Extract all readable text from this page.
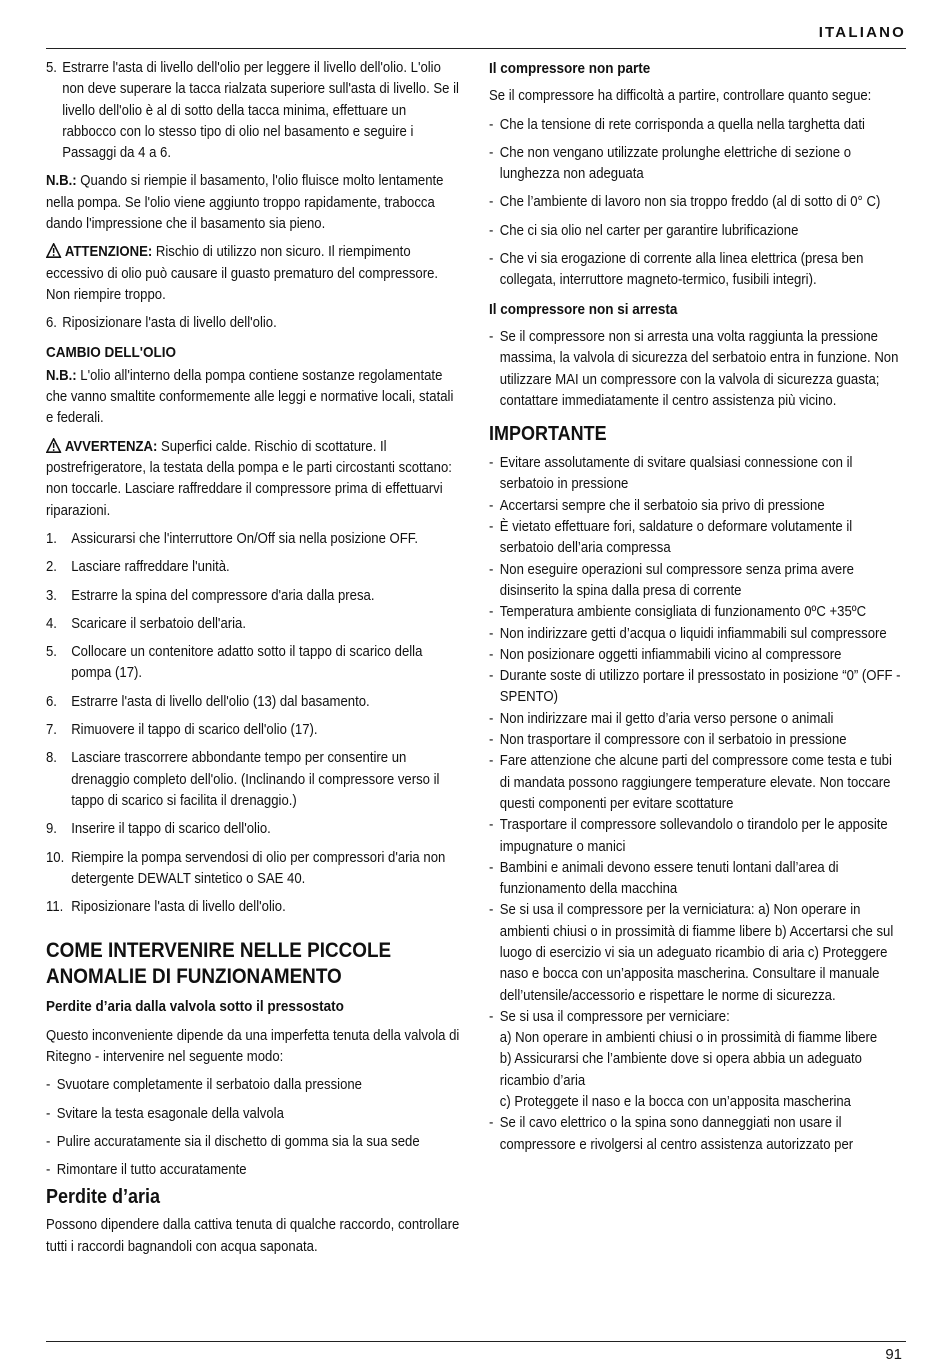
ITALIANO
5. Estrarre l'asta di livello dell'olio per leggere il livello dell'olio. L'olio non deve superare la tacca rialzata superiore sull'asta di livello. Se il livello dell'olio è al di sotto della tacca minima, effettuare un rabbocco con lo stesso tipo di olio nel basamento e seguire i Passaggi da 4 a 6.

N.B.: Quando si riempie il basamento, l'olio fluisce molto lentamente nella pompa. Se l'olio viene aggiunto troppo rapidamente, trabocca dando l'impressione che il basamento sia pieno.

ATTENZIONE: Rischio di utilizzo non sicuro. Il riempimento eccessivo di olio può causare il guasto prematuro del compressore. Non riempire troppo.

6. Riposizionare l'asta di livello dell'olio.

CAMBIO DELL'OLIO

N.B.: L'olio all'interno della pompa contiene sostanze regolamentate che vanno smaltite conformemente alle leggi e normative locali, statali e federali.

AVVERTENZA: Superfici calde. Rischio di scottature. Il postrefrigeratore, la testata della pompa e le parti circostanti scottano: non toccarle. Lasciare raffreddare il compressore prima di effettuarvi riparazioni.

1. Assicurarsi che l'interruttore On/Off sia nella posizione OFF.
2. Lasciare raffreddare l'unità.
3. Estrarre la spina del compressore d'aria dalla presa.
4. Scaricare il serbatoio dell'aria.
5. Collocare un contenitore adatto sotto il tappo di scarico della pompa (17).
6. Estrarre l'asta di livello dell'olio (13) dal basamento.
7. Rimuovere il tappo di scarico dell'olio (17).
8. Lasciare trascorrere abbondante tempo per consentire un drenaggio completo dell'olio. (Inclinando il compressore verso il tappo di scarico si facilita il drenaggio.)
9. Inserire il tappo di scarico dell'olio.
10. Riempire la pompa servendosi di olio per compressori d'aria non detergente DEWALT sintetico o SAE 40.
11. Riposizionare l'asta di livello dell'olio.

COME INTERVENIRE NELLE PICCOLE ANOMALIE DI FUNZIONAMENTO

Perdite d’aria dalla valvola sotto il pressostato

Questo inconveniente dipende da una imperfetta tenuta della valvola di Ritegno - intervenire nel seguente modo:

- Svuotare completamente il serbatoio dalla pressione
- Svitare la testa esagonale della valvola
- Pulire accuratamente sia il dischetto di gomma sia la sua sede
- Rimontare il tutto accuratamente

Perdite d’aria

Possono dipendere dalla cattiva tenuta di qualche raccordo, controllare tutti i raccordi bagnandoli con acqua saponata.

Il compressore non parte

Se il compressore ha difficoltà a partire, controllare quanto segue:

- Che la tensione di rete corrisponda a quella nella targhetta dati
- Che non vengano utilizzate prolunghe elettriche di sezione o lunghezza non adeguata
- Che l’ambiente di lavoro non sia troppo freddo (al di sotto di 0° C)
- Che ci sia olio nel carter per garantire lubrificazione
- Che vi sia erogazione di corrente alla linea elettrica (presa ben collegata, interruttore magneto-termico, fusibili integri).

Il compressore non si arresta

- Se il compressore non si arresta una volta raggiunta la pressione massima, la valvola di sicurezza del serbatoio entra in funzione. Non utilizzare MAI un compressore con la valvola di sicurezza guasta; contattare immediatamente il centro assistenza più vicino.

IMPORTANTE

- Evitare assolutamente di svitare qualsiasi connessione con il serbatoio in pressione
- Accertarsi sempre che il serbatoio sia privo di pressione
- È vietato effettuare fori, saldature o deformare volutamente il serbatoio dell’aria compressa
- Non eseguire operazioni sul compressore senza prima avere disinserito la spina dalla presa di corrente
- Temperatura ambiente consigliata di funzionamento 0ºC +35ºC
- Non indirizzare getti d’acqua o liquidi infiammabili sul compressore
- Non posizionare oggetti infiammabili vicino al compressore
- Durante soste di utilizzo portare il pressostato in posizione “0” (OFF - SPENTO)
- Non indirizzare mai il getto d’aria verso persone o animali
- Non trasportare il compressore con il serbatoio in pressione
- Fare attenzione che alcune parti del compressore come testa e tubi di mandata possono raggiungere temperature elevate. Non toccare questi componenti per evitare scottature
- Trasportare il compressore sollevandolo o tirandolo per le apposite impugnature o manici
- Bambini e animali devono essere tenuti lontani dall’area di funzionamento della macchina
- Se si usa il compressore per la verniciatura: a) Non operare in ambienti chiusi o in prossimità di fiamme libere b) Accertarsi che sul luogo di esercizio vi sia un adeguato ricambio di aria c) Proteggere naso e bocca con un’apposita mascherina. Consultare il manuale dell’utensile/accessorio e rispettare le norme di sicurezza.
- Se si usa il compressore per verniciare:
a) Non operare in ambienti chiusi o in prossimità di fiamme libere
b) Assicurarsi che l’ambiente dove si opera abbia un adeguato ricambio d’aria
c) Proteggete il naso e la bocca con un’apposita mascherina
- Se il cavo elettrico o la spina sono danneggiati non usare il compressore e rivolgersi al centro assistenza autorizzato per
91
